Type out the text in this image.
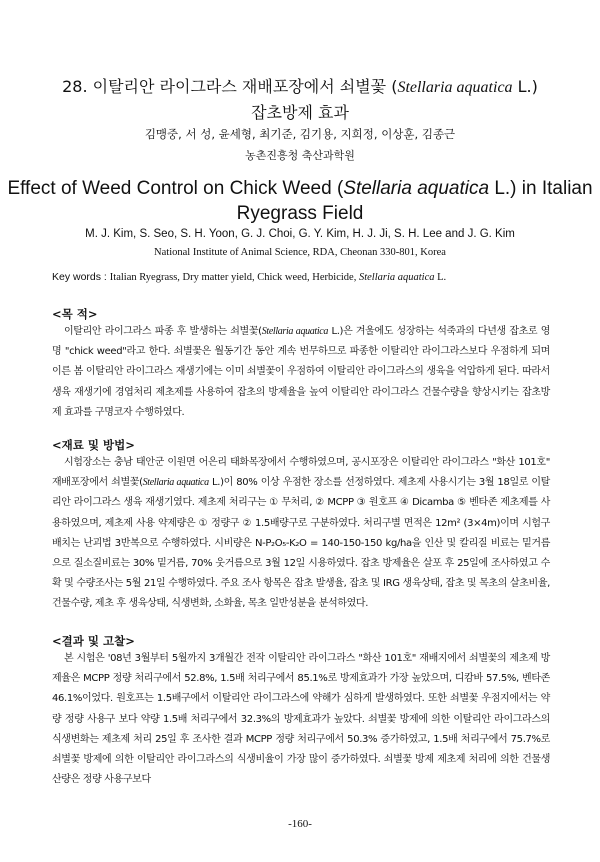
28. 이탈리안 라이그라스 재배포장에서 쇠별꽃 (Stellaria aquatica L.)
잡초방제 효과
김맹중, 서 성, 윤세형, 최기준, 김기용, 지희정, 이상훈, 김종근
농촌진흥청 축산과학원
Effect of Weed Control on Chick Weed (Stellaria aquatica L.) in Italian
Ryegrass Field
M. J. Kim, S. Seo, S. H. Yoon, G. J. Choi, G. Y. Kim, H. J. Ji, S. H. Lee and J. G. Kim
National Institute of Animal Science, RDA, Cheonan 330-801, Korea
Key words : Italian Ryegrass, Dry matter yield, Chick weed, Herbicide, Stellaria aquatica L.
<목 적>
이탈리안 라이그라스 파종 후 발생하는 쇠별꽃(Stellaria aquatica L.)은 겨울에도 성장하는 석죽과의 다년생 잡초로 영명 "chick weed"라고 한다. 쇠별꽃은 월동기간 동안 계속 번무하므로 파종한 이탈리안 라이그라스보다 우점하게 되며 이른 봄 이탈리안 라이그라스 재생기에는 이미 쇠별꽃이 우점하여 이탈리안 라이그라스의 생육을 억압하게 된다. 따라서 생육 재생기에 경엽처리 제초제를 사용하여 잡초의 방제율을 높여 이탈리안 라이그라스 건물수량을 향상시키는 잡초방제 효과를 구명코자 수행하였다.
<재료 및 방법>
시험장소는 충남 태안군 이원면 어은리 태화목장에서 수행하였으며, 공시포장은 이탈리안 라이그라스 "화산 101호" 재배포장에서 쇠별꽃(Stellaria aquatica L.)이 80% 이상 우점한 장소를 선정하였다. 제초제 사용시기는 3월 18일로 이탈리안 라이그라스 생육 재생기였다. 제초제 처리구는 ① 무처리, ② MCPP ③ 원호프 ④ Dicamba ⑤ 벤타존 제초제를 사용하였으며, 제초제 사용 약제량은 ① 정량구 ② 1.5배량구로 구분하였다. 처리구별 면적은 12m² (3×4m)이며 시험구배치는 난괴법 3반복으로 수행하였다. 시비량은 N-P₂O₅-K₂O = 140-150-150 kg/ha을 인산 및 칼리질 비료는 밑거름으로 질소질비료는 30% 밑거름, 70% 웃거름으로 3월 12일 시용하였다. 잡초 방제율은 살포 후 25일에 조사하였고 수확 및 수량조사는 5월 21일 수행하였다. 주요 조사 항목은 잡초 발생율, 잡초 및 IRG 생육상태, 잡초 및 목초의 살초비율, 건물수량, 제초 후 생육상태, 식생변화, 소화율, 목초 일반성분을 분석하였다.
<결과 및 고찰>
본 시험은 '08년 3월부터 5월까지 3개월간 전작 이탈리안 라이그라스 "화산 101호" 재배지에서 쇠별꽃의 제초제 방제율은 MCPP 정량 처리구에서 52.8%, 1.5배 처리구에서 85.1%로 방제효과가 가장 높았으며, 디캄바 57.5%, 벤타존 46.1%이었다. 원호프는 1.5배구에서 이탈리안 라이그라스에 약해가 심하게 발생하였다. 또한 쇠별꽃 우점지에서는 약량 정량 사용구 보다 약량 1.5배 처리구에서 32.3%의 방제효과가 높았다. 쇠별꽃 방제에 의한 이탈리안 라이그라스의 식생변화는 제초제 처리 25일 후 조사한 결과 MCPP 정량 처리구에서 50.3% 증가하였고, 1.5배 처리구에서 75.7%로 쇠별꽃 방제에 의한 이탈리안 라이그라스의 식생비율이 가장 많이 증가하였다. 쇠별꽃 방제 제초제 처리에 의한 건물생산량은 정량 사용구보다
-160-
